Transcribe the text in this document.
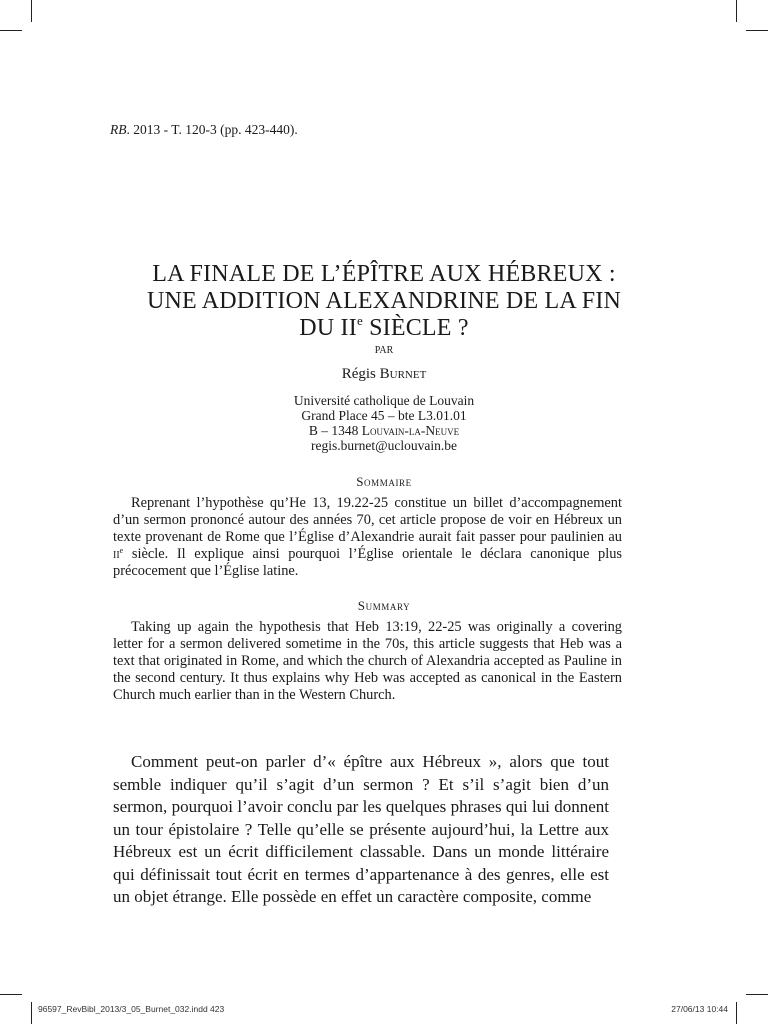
RB. 2013 - T. 120-3 (pp. 423-440).
LA FINALE DE L’ÉPÎTRE AUX HÉBREUX :
UNE ADDITION ALEXANDRINE DE LA FIN
DU IIe SIÈCLE ?
par
Régis Burnet
Université catholique de Louvain
Grand Place 45 – bte L3.01.01
B – 1348 Louvain-la-Neuve
regis.burnet@uclouvain.be
Sommaire

Reprenant l’hypothèse qu’He 13, 19.22-25 constitue un billet d’accompagnement d’un sermon prononcé autour des années 70, cet article propose de voir en Hébreux un texte provenant de Rome que l’Église d’Alexandrie aurait fait passer pour paulinien au $ii^e$ siècle. Il explique ainsi pourquoi l’Église orientale le déclara canonique plus précocement que l’Église latine.

Summary

Taking up again the hypothesis that Heb 13:19, 22-25 was originally a covering letter for a sermon delivered sometime in the 70s, this article suggests that Heb was a text that originated in Rome, and which the church of Alexandria accepted as Pauline in the second century. It thus explains why Heb was accepted as canonical in the Eastern Church much earlier than in the Western Church.

Comment peut-on parler d’« épître aux Hébreux », alors que tout semble indiquer qu’il s’agit d’un sermon ? Et s’il s’agit bien d’un sermon, pourquoi l’avoir conclu par les quelques phrases qui lui donnent un tour épistolaire ? Telle qu’elle se présente aujourd’hui, la Lettre aux Hébreux est un écrit difficilement classable. Dans un monde littéraire qui définissait tout écrit en termes d’appartenance à des genres, elle est un objet étrange. Elle possède en effet un caractère composite, comme

96597_RevBibl_2013/3_05_Burnet_032.indd 423	27/06/13 10:44
